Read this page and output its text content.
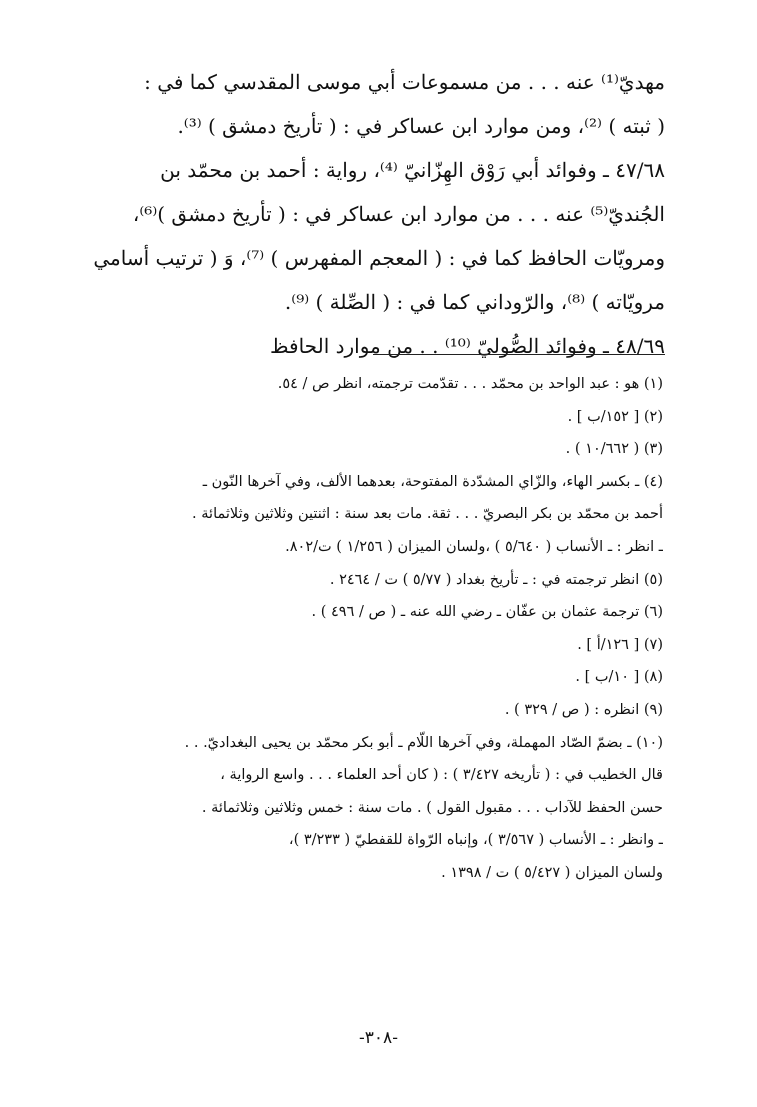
مهديّ⁽¹⁾ عنه . . . من مسموعات أبي موسى المقدسي كما في :
( ثبته ) ⁽²⁾، ومن موارد ابن عساكر في : ( تأريخ دمشق ) ⁽³⁾.
٤٧/٦٨ ـ وفوائد أبي رَوْق الهِزّانيّ ⁽⁴⁾، رواية : أحمد بن محمّد بن
الجُنديّ⁽⁵⁾ عنه . . . من موارد ابن عساكر في : ( تأريخ دمشق )⁽⁶⁾،
ومرويّات الحافظ كما في : ( المعجم المفهرس ) ⁽⁷⁾، وَ ( ترتيب أسامي
مرويّاته ) ⁽⁸⁾، والرّوداني كما في : ( الصِّلة ) ⁽⁹⁾.
٤٨/٦٩ ـ وفوائد الصُّوليّ ⁽¹⁰⁾ . . من موارد الحافظ
(١) هو : عبد الواحد بن محمّد . . . تقدّمت ترجمته، انظر ص / ٥٤.
(٢) [ ١٥٢/ب ] .
(٣) ( ١٠/٦٦٢ ) .
(٤) ـ بكسر الهاء، والزّاي المشدّدة المفتوحة، بعدهما الألف، وفي آخرها النّون ـ
أحمد بن محمّد بن بكر البصريّ . . . ثقة. مات بعد سنة : اثنتين وثلاثين وثلاثمائة .
ـ انظر : ـ الأنساب ( ٥/٦٤٠ ) ،ولسان الميزان ( ١/٢٥٦ ) ت/٨٠٢.
(٥) انظر ترجمته في : ـ تأريخ بغداد ( ٥/٧٧ ) ت / ٢٤٦٤ .
(٦) ترجمة عثمان بن عفّان ـ رضي الله عنه ـ ( ص / ٤٩٦ ) .
(٧) [ ١٢٦/أ ] .
(٨) [ ١٠/ب ] .
(٩) انظره : ( ص / ٣٢٩ ) .
(١٠) ـ بضمّ الصّاد المهملة، وفي آخرها اللّام ـ أبو بكر محمّد بن يحيى البغداديّ. . .
قال الخطيب في : ( تأريخه ٣/٤٢٧ ) : ( كان أحد العلماء . . . واسع الرواية ،
حسن الحفظ للآداب . . . مقبول القول ) . مات سنة : خمس وثلاثين وثلاثمائة .
ـ وانظر : ـ الأنساب ( ٣/٥٦٧ )، وإنباه الرّواة للقفطيّ ( ٣/٢٣٣ )،
ولسان الميزان ( ٥/٤٢٧ ) ت / ١٣٩٨ .
-٣٠٨-
